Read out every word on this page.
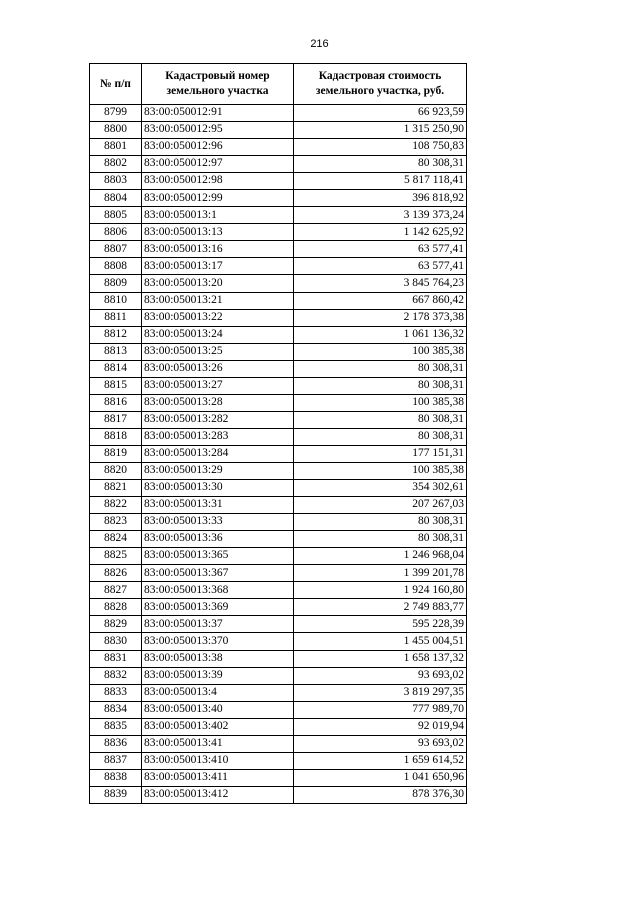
216
№ п/п	Кадастровый номер земельного участка	Кадастровая стоимость земельного участка, руб.
8799	83:00:050012:91	66 923,59
8800	83:00:050012:95	1 315 250,90
8801	83:00:050012:96	108 750,83
8802	83:00:050012:97	80 308,31
8803	83:00:050012:98	5 817 118,41
8804	83:00:050012:99	396 818,92
8805	83:00:050013:1	3 139 373,24
8806	83:00:050013:13	1 142 625,92
8807	83:00:050013:16	63 577,41
8808	83:00:050013:17	63 577,41
8809	83:00:050013:20	3 845 764,23
8810	83:00:050013:21	667 860,42
8811	83:00:050013:22	2 178 373,38
8812	83:00:050013:24	1 061 136,32
8813	83:00:050013:25	100 385,38
8814	83:00:050013:26	80 308,31
8815	83:00:050013:27	80 308,31
8816	83:00:050013:28	100 385,38
8817	83:00:050013:282	80 308,31
8818	83:00:050013:283	80 308,31
8819	83:00:050013:284	177 151,31
8820	83:00:050013:29	100 385,38
8821	83:00:050013:30	354 302,61
8822	83:00:050013:31	207 267,03
8823	83:00:050013:33	80 308,31
8824	83:00:050013:36	80 308,31
8825	83:00:050013:365	1 246 968,04
8826	83:00:050013:367	1 399 201,78
8827	83:00:050013:368	1 924 160,80
8828	83:00:050013:369	2 749 883,77
8829	83:00:050013:37	595 228,39
8830	83:00:050013:370	1 455 004,51
8831	83:00:050013:38	1 658 137,32
8832	83:00:050013:39	93 693,02
8833	83:00:050013:4	3 819 297,35
8834	83:00:050013:40	777 989,70
8835	83:00:050013:402	92 019,94
8836	83:00:050013:41	93 693,02
8837	83:00:050013:410	1 659 614,52
8838	83:00:050013:411	1 041 650,96
8839	83:00:050013:412	878 376,30
